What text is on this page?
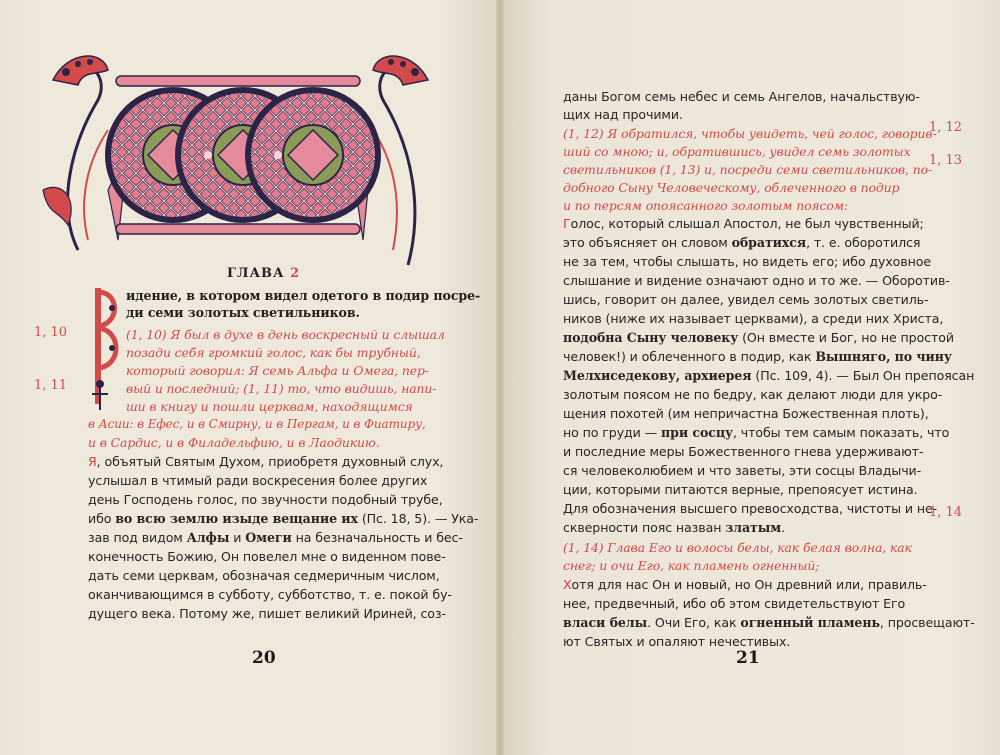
ГЛАВА 2
идение, в котором видел одетого в подир посре-
ди семи золотых светильников.
(1, 10) Я был в духе в день воскресный и слышал
позади себя громкий голос, как бы трубный,
который говорил: Я семь Альфа и Омега, пер-
вый и последний; (1, 11) то, что видишь, напи-
ши в книгу и пошли церквам, находящимся
в Асии: в Ефес, и в Смирну, и в Пергам, и в Фиатиру,
и в Сардис, и в Филадельфию, и в Лаодикию.
Я, объятый Святым Духом, приобретя духовный слух,
услышал в чтимый ради воскресения более других
день Господень голос, по звучности подобный трубе,
ибо во всю землю изыде вещание их (Пс. 18, 5). — Ука-
зав под видом Алфы и Омеги на безначальность и бес-
конечность Божию, Он повелел мне о виденном пове-
дать семи церквам, обозначая седмеричным числом,
оканчивающимся в субботу, субботство, т. е. покой бу-
дущего века. Потому же, пишет великий Ириней, соз-
1, 10
1, 11
20
даны Богом семь небес и семь Ангелов, начальствую-
щих над прочими.
(1, 12) Я обратился, чтобы увидеть, чей голос, говорив-
ший со мною; и, обратившись, увидел семь золотых
светильников (1, 13) и, посреди семи светильников, по-
добного Сыну Человеческому, облеченного в подир
и по персям опоясанного золотым поясом:
Голос, который слышал Апостол, не был чувственный;
это объясняет он словом обратихся, т. е. оборотился
не за тем, чтобы слышать, но видеть его; ибо духовное
слышание и видение означают одно и то же. — Оборотив-
шись, говорит он далее, увидел семь золотых светиль-
ников (ниже их называет церквами), а среди них Христа,
подобна Сыну человеку (Он вместе и Бог, но не простой
человек!) и облеченного в подир, как Вышняго, по чину
Мелхиседекову, архиерея (Пс. 109, 4). — Был Он препоясан
золотым поясом не по бедру, как делают люди для укро-
щения похотей (им непричастна Божественная плоть),
но по груди — при сосцу, чтобы тем самым показать, что
и последние меры Божественного гнева удерживают-
ся человеколюбием и что заветы, эти сосцы Владычи-
ции, которыми питаются верные, препоясует истина.
Для обозначения высшего превосходства, чистоты и не-
скверности пояс назван златым.
(1, 14) Глава Его и волосы белы, как белая волна, как
снег; и очи Его, как пламень огненный;
Хотя для нас Он и новый, но Он древний или, правиль-
нее, предвечный, ибо об этом свидетельствуют Его
власи белы. Очи Его, как огненный пламень, просвещают-
ют Святых и опаляют нечестивых.
1, 12
1, 13
1, 14
21
